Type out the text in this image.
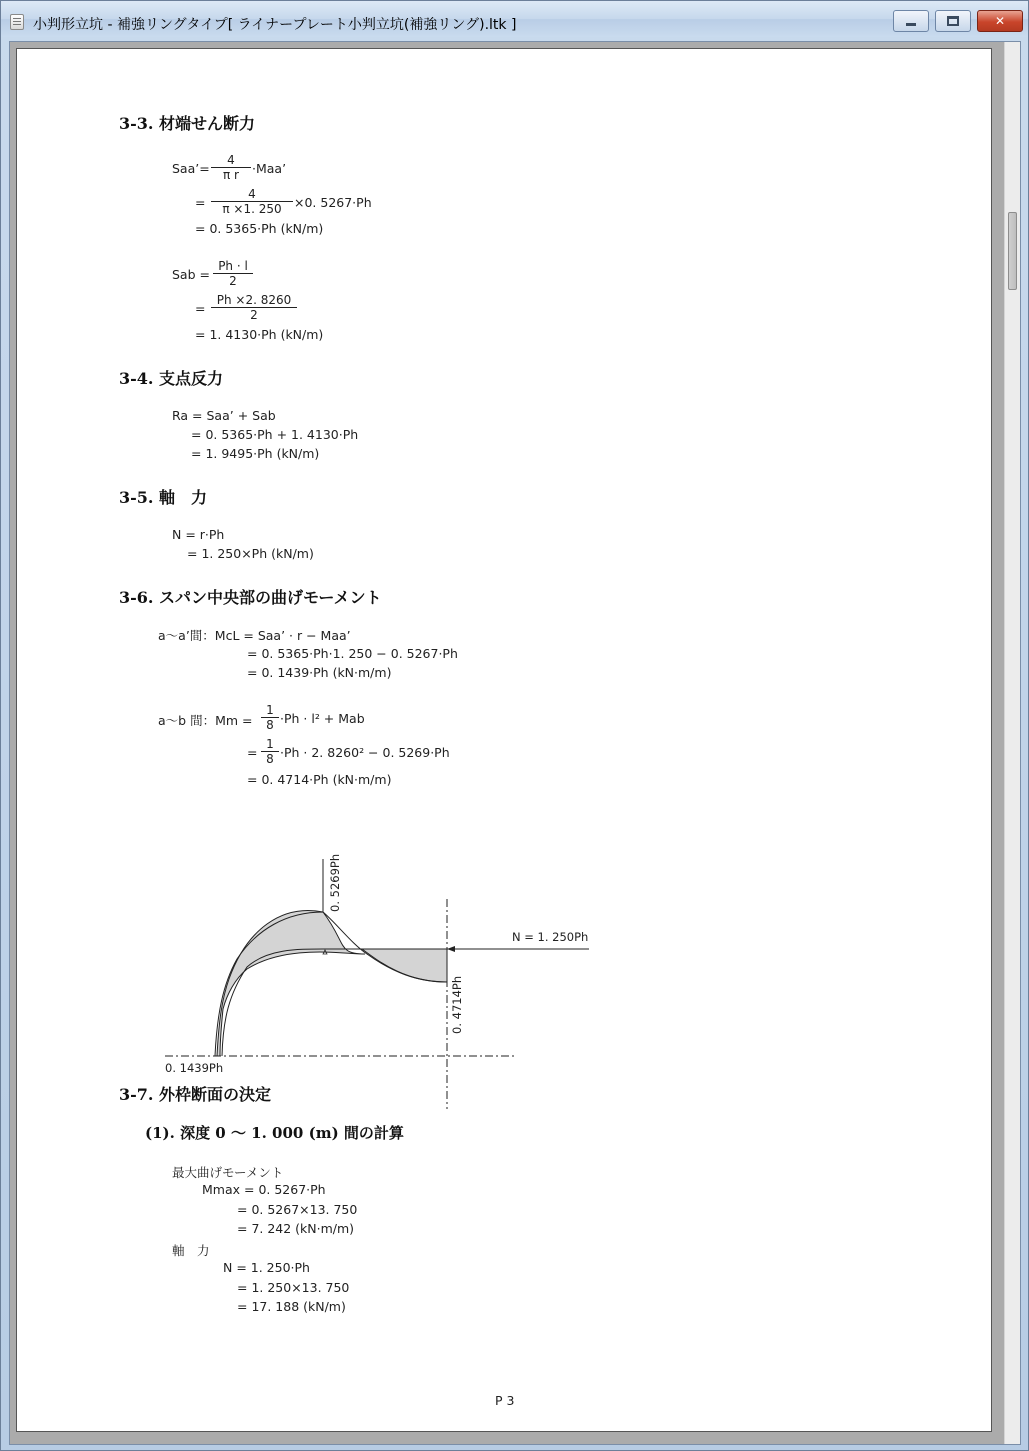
小判形立坑 - 補強リングタイプ[ ライナープレート小判立坑(補強リング).ltk ]	✕
3-3. 材端せん断力
Saa’= $\frac{4}{\text{π r}} \cdot Maa$’
= $\frac{4}{\pi \times 1. 250} \times 0$. 5267·Ph
= 0. 5365·Ph (kN/m)
Sab = $\frac{Ph \cdot l}{2}$
= $\frac{Ph \times 2. 8260}{2}$
= 1. 4130·Ph (kN/m)
3-4. 支点反力
Ra = Saa’ + Sab
= 0. 5365·Ph + 1. 4130·Ph
= 1. 9495·Ph (kN/m)
3-5. 軸　力
N = r·Ph
= 1. 250×Ph (kN/m)
3-6. スパン中央部の曲げモーメント
a～a’間：McL = Saa’ · r − Maa’
= 0. 5365·Ph·1. 250 − 0. 5267·Ph
= 0. 1439·Ph (kN·m/m)
a～b 間：$Mm = \frac{1}{8} \cdot Ph \cdot l^2$ + Mab
= $\frac{1}{8} \cdot Ph \cdot 2$. 8260² − 0. 5269·Ph
= 0. 4714·Ph (kN·m/m)
0. 5269Ph
N = 1. 250Ph
0. 4714Ph
0. 1439Ph
3-7. 外枠断面の決定
(1). 深度 0 ～ 1. 000 (m) 間の計算
最大曲げモーメント
Mmax = 0. 5267·Ph
= 0. 5267×13. 750
= 7. 242 (kN·m/m)
軸　力
N = 1. 250·Ph
= 1. 250×13. 750
= 17. 188 (kN/m)
P 3
